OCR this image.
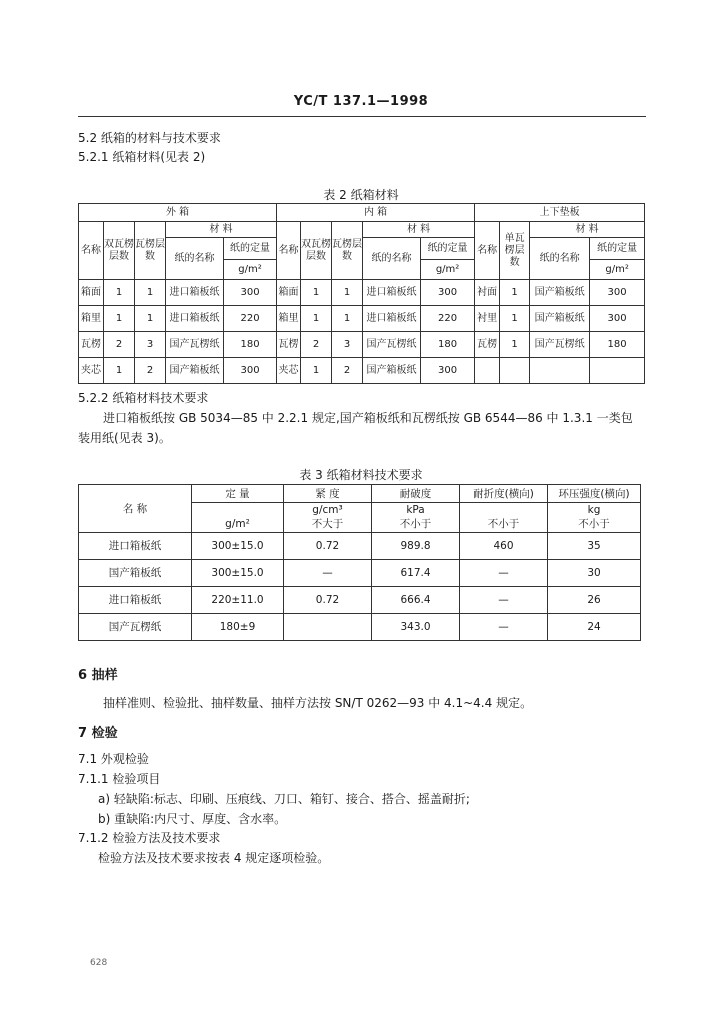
YC/T 137.1—1998
5.2 纸箱的材料与技术要求
5.2.1 纸箱材料(见表 2)
表 2 纸箱材料
外 箱					内 箱					上下垫板			
名称	双瓦楞层数	瓦楞层数	材 料		名称	双瓦楞层数	瓦楞层数	材 料		名称	单瓦楞层数	材 料	
			纸的名称	纸的定量				纸的名称	纸的定量			纸的名称	纸的定量
				g/m²					g/m²				g/m²
箱面	1	1	进口箱板纸	300	箱面	1	1	进口箱板纸	300	衬面	1	国产箱板纸	300
箱里	1	1	进口箱板纸	220	箱里	1	1	进口箱板纸	220	衬里	1	国产箱板纸	300
瓦楞	2	3	国产瓦楞纸	180	瓦楞	2	3	国产瓦楞纸	180	瓦楞	1	国产瓦楞纸	180
夹芯	1	2	国产箱板纸	300	夹芯	1	2	国产箱板纸	300				
5.2.2 纸箱材料技术要求
进口箱板纸按 GB 5034—85 中 2.2.1 规定,国产箱板纸和瓦楞纸按 GB 6544—86 中 1.3.1 一类包
装用纸(见表 3)。
表 3 纸箱材料技术要求
名 称	定 量	紧 度	耐破度	耐折度(横向)	环压强度(横向)
		g/cm³	kPa		kg
	g/m²	不大于	不小于	不小于	不小于
进口箱板纸	300±15.0	0.72	989.8	460	35
国产箱板纸	300±15.0	—	617.4	—	30
进口箱板纸	220±11.0	0.72	666.4	—	26
国产瓦楞纸	180±9		343.0	—	24
6 抽样
抽样准则、检验批、抽样数量、抽样方法按 SN/T 0262—93 中 4.1~4.4 规定。
7 检验
7.1 外观检验
7.1.1 检验项目
a) 轻缺陷:标志、印刷、压痕线、刀口、箱钉、接合、搭合、摇盖耐折;
b) 重缺陷:内尺寸、厚度、含水率。
7.1.2 检验方法及技术要求
检验方法及技术要求按表 4 规定逐项检验。
628
